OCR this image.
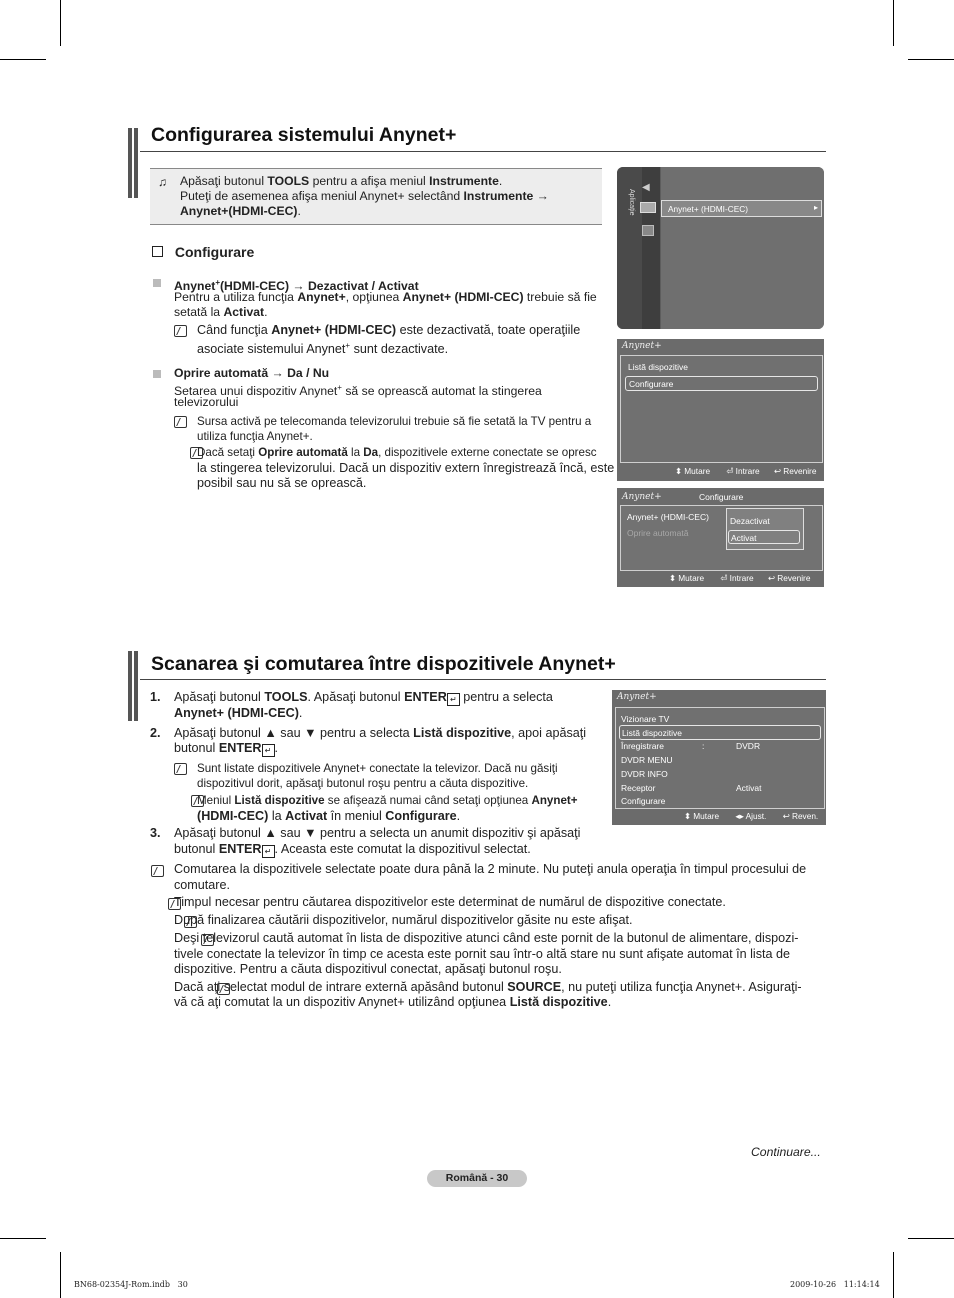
Configurarea sistemului Anynet+
♫ Apăsaţi butonul TOOLS pentru a afişa meniul Instrumente.
Puteţi de asemenea afişa meniul Anynet+ selectând Instrumente →
Anynet+(HDMI-CEC).
Configurare
Anynet+(HDMI-CEC) → Dezactivat / Activat
Pentru a utiliza funcţia Anynet+, opţiunea Anynet+ (HDMI-CEC) trebuie să fie
setată la Activat.
Când funcţia Anynet+ (HDMI-CEC) este dezactivată, toate operaţiile
asociate sistemului Anynet+ sunt dezactivate.
Oprire automată → Da / Nu
Setarea unui dispozitiv Anynet+ să se oprească automat la stingerea
televizorului

Sursa activă pe telecomanda televizorului trebuie să fie setată la TV pentru a
utiliza funcţia Anynet+.
Dacă setaţi Oprire automată la Da, dispozitivele externe conectate se opresc
la stingerea televizorului. Dacă un dispozitiv extern înregistrează încă, este
posibil sau nu să se oprească.
Aplicaţie
◀
Anynet+ (HDMI-CEC)	▸
Anynet+
Listă dispozitive
Configurare
⬍ Mutare ⏎ Intrare ↩ Revenire
Anynet+	Configurare
Anynet+ (HDMI-CEC)
Oprire automată
Dezactivat
Activat
⬍ Mutare ⏎ Intrare ↩ Revenire
Scanarea şi comutarea între dispozitivele Anynet+
1. Apăsaţi butonul TOOLS. Apăsaţi butonul ENTER ↵ pentru a selecta
Anynet+ (HDMI-CEC).
2. Apăsaţi butonul ▲ sau ▼ pentru a selecta Listă dispozitive, apoi apăsaţi
butonul ENTER ↵ .

Sunt listate dispozitivele Anynet+ conectate la televizor. Dacă nu găsiţi
dispozitivul dorit, apăsaţi butonul roşu pentru a căuta dispozitive.
Meniul Listă dispozitive se afişează numai când setaţi opţiunea Anynet+
(HDMI-CEC) la Activat în meniul Configurare.
3. Apăsaţi butonul ▲ sau ▼ pentru a selecta un anumit dispozitiv şi apăsaţi
butonul ENTER ↵ . Aceasta este comutat la dispozitivul selectat.

Comutarea la dispozitivele selectate poate dura până la 2 minute. Nu puteţi anula operaţia în timpul procesului de
comutare.

Timpul necesar pentru căutarea dispozitivelor este determinat de numărul de dispozitive conectate.

După finalizarea căutării dispozitivelor, numărul dispozitivelor găsite nu este afişat.

Deşi televizorul caută automat în lista de dispozitive atunci când este pornit de la butonul de alimentare, dispozi-
tivele conectate la televizor în timp ce acesta este pornit sau într-o altă stare nu sunt afişate automat în lista de
dispozitive. Pentru a căuta dispozitivul conectat, apăsaţi butonul roşu.
Dacă aţi selectat modul de intrare externă apăsând butonul SOURCE, nu puteţi utiliza funcţia Anynet+. Asiguraţi-
vă că aţi comutat la un dispozitiv Anynet+ utilizând opţiunea Listă dispozitive.
Anynet+
Vizionare TV
Listă dispozitive
Înregistrare	:	DVDR
DVDR MENU
DVDR INFO
Receptor	Activat
Configurare
⬍ Mutare ◂▸ Ajust. ↩ Reven.
Continuare...
Română - 30
BN68-02354J-Rom.indb   30	2009-10-26   11:14:14
